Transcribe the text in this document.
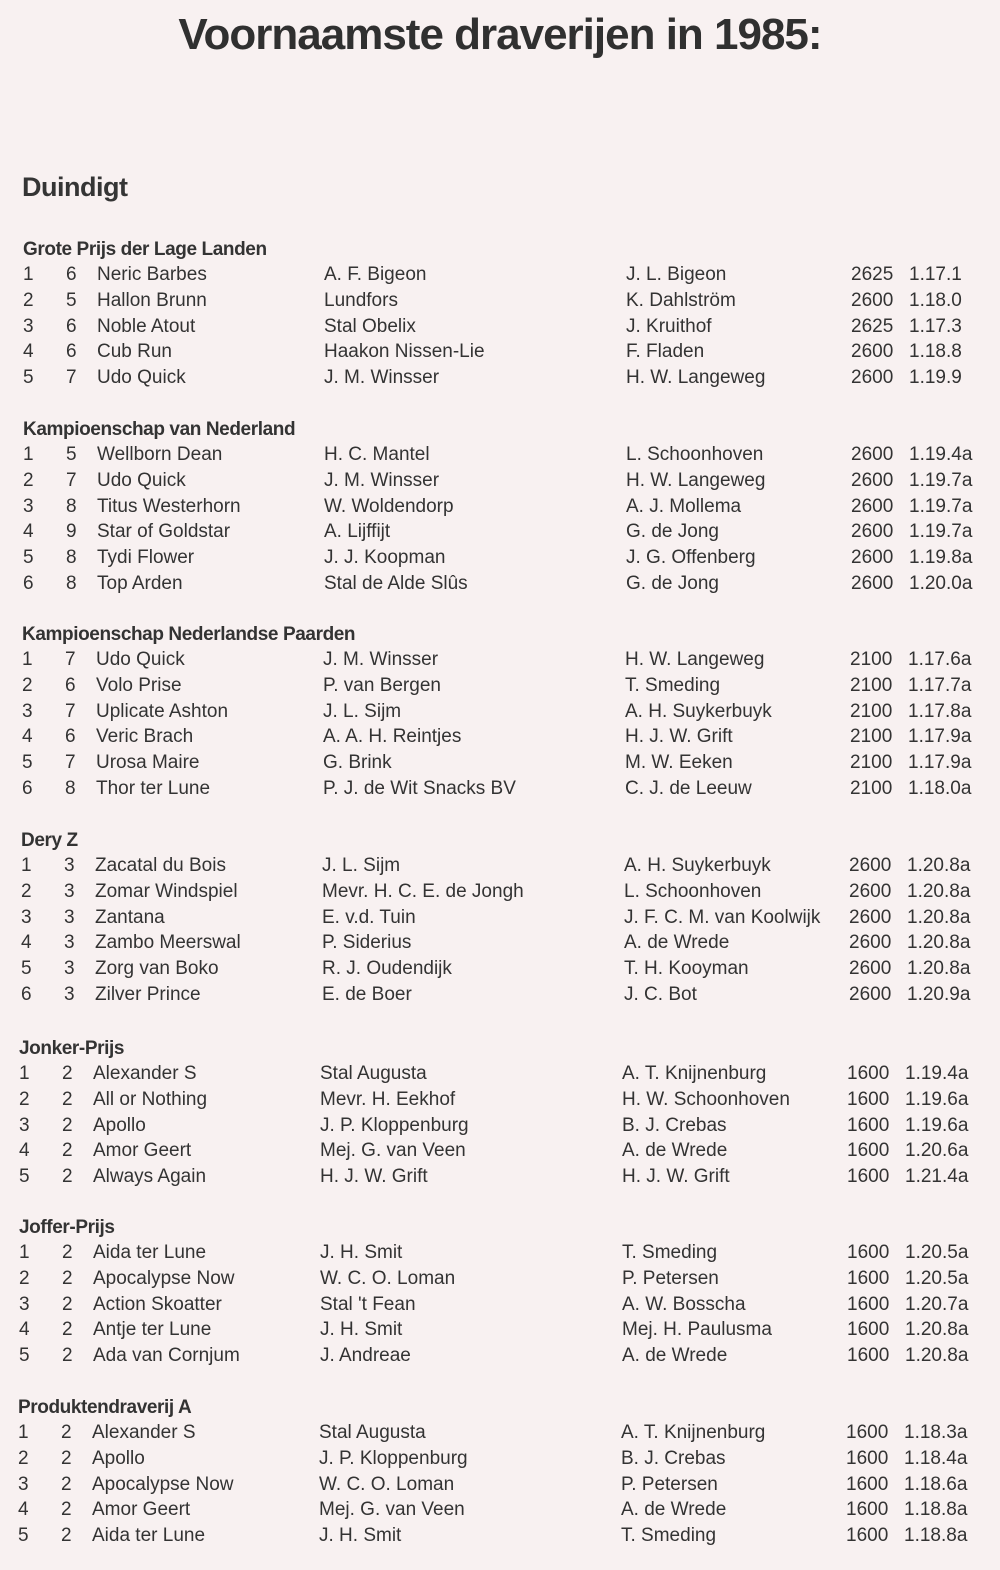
Voornaamste draverijen in 1985:
Duindigt
Grote Prijs der Lage Landen
1	6	Neric Barbes	A. F. Bigeon	J. L. Bigeon	2625 1.17.1
2	5	Hallon Brunn	Lundfors	K. Dahlström	2600 1.18.0
3	6	Noble Atout	Stal Obelix	J. Kruithof	2625 1.17.3
4	6	Cub Run	Haakon Nissen-Lie	F. Fladen	2600 1.18.8
5	7	Udo Quick	J. M. Winsser	H. W. Langeweg	2600 1.19.9
Kampioenschap van Nederland
1	5	Wellborn Dean	H. C. Mantel	L. Schoonhoven	2600 1.19.4a
2	7	Udo Quick	J. M. Winsser	H. W. Langeweg	2600 1.19.7a
3	8	Titus Westerhorn	W. Woldendorp	A. J. Mollema	2600 1.19.7a
4	9	Star of Goldstar	A. Lijffijt	G. de Jong	2600 1.19.7a
5	8	Tydi Flower	J. J. Koopman	J. G. Offenberg	2600 1.19.8a
6	8	Top Arden	Stal de Alde Slûs	G. de Jong	2600 1.20.0a
Kampioenschap Nederlandse Paarden
1	7	Udo Quick	J. M. Winsser	H. W. Langeweg	2100 1.17.6a
2	6	Volo Prise	P. van Bergen	T. Smeding	2100 1.17.7a
3	7	Uplicate Ashton	J. L. Sijm	A. H. Suykerbuyk	2100 1.17.8a
4	6	Veric Brach	A. A. H. Reintjes	H. J. W. Grift	2100 1.17.9a
5	7	Urosa Maire	G. Brink	M. W. Eeken	2100 1.17.9a
6	8	Thor ter Lune	P. J. de Wit Snacks BV	C. J. de Leeuw	2100 1.18.0a
Dery Z
1	3	Zacatal du Bois	J. L. Sijm	A. H. Suykerbuyk	2600 1.20.8a
2	3	Zomar Windspiel	Mevr. H. C. E. de Jongh	L. Schoonhoven	2600 1.20.8a
3	3	Zantana	E. v.d. Tuin	J. F. C. M. van Koolwijk 2600 1.20.8a
4	3	Zambo Meerswal	P. Siderius	A. de Wrede	2600 1.20.8a
5	3	Zorg van Boko	R. J. Oudendijk	T. H. Kooyman	2600 1.20.8a
6	3	Zilver Prince	E. de Boer	J. C. Bot	2600 1.20.9a
Jonker-Prijs
1	2	Alexander S	Stal Augusta	A. T. Knijnenburg	1600 1.19.4a
2	2	All or Nothing	Mevr. H. Eekhof	H. W. Schoonhoven	1600 1.19.6a
3	2	Apollo	J. P. Kloppenburg	B. J. Crebas	1600 1.19.6a
4	2	Amor Geert	Mej. G. van Veen	A. de Wrede	1600 1.20.6a
5	2	Always Again	H. J. W. Grift	H. J. W. Grift	1600 1.21.4a
Joffer-Prijs
1	2	Aida ter Lune	J. H. Smit	T. Smeding	1600 1.20.5a
2	2	Apocalypse Now	W. C. O. Loman	P. Petersen	1600 1.20.5a
3	2	Action Skoatter	Stal 't Fean	A. W. Bosscha	1600 1.20.7a
4	2	Antje ter Lune	J. H. Smit	Mej. H. Paulusma	1600 1.20.8a
5	2	Ada van Cornjum	J. Andreae	A. de Wrede	1600 1.20.8a
Produktendraverij A
1	2	Alexander S	Stal Augusta	A. T. Knijnenburg	1600 1.18.3a
2	2	Apollo	J. P. Kloppenburg	B. J. Crebas	1600 1.18.4a
3	2	Apocalypse Now	W. C. O. Loman	P. Petersen	1600 1.18.6a
4	2	Amor Geert	Mej. G. van Veen	A. de Wrede	1600 1.18.8a
5	2	Aida ter Lune	J. H. Smit	T. Smeding	1600 1.18.8a
